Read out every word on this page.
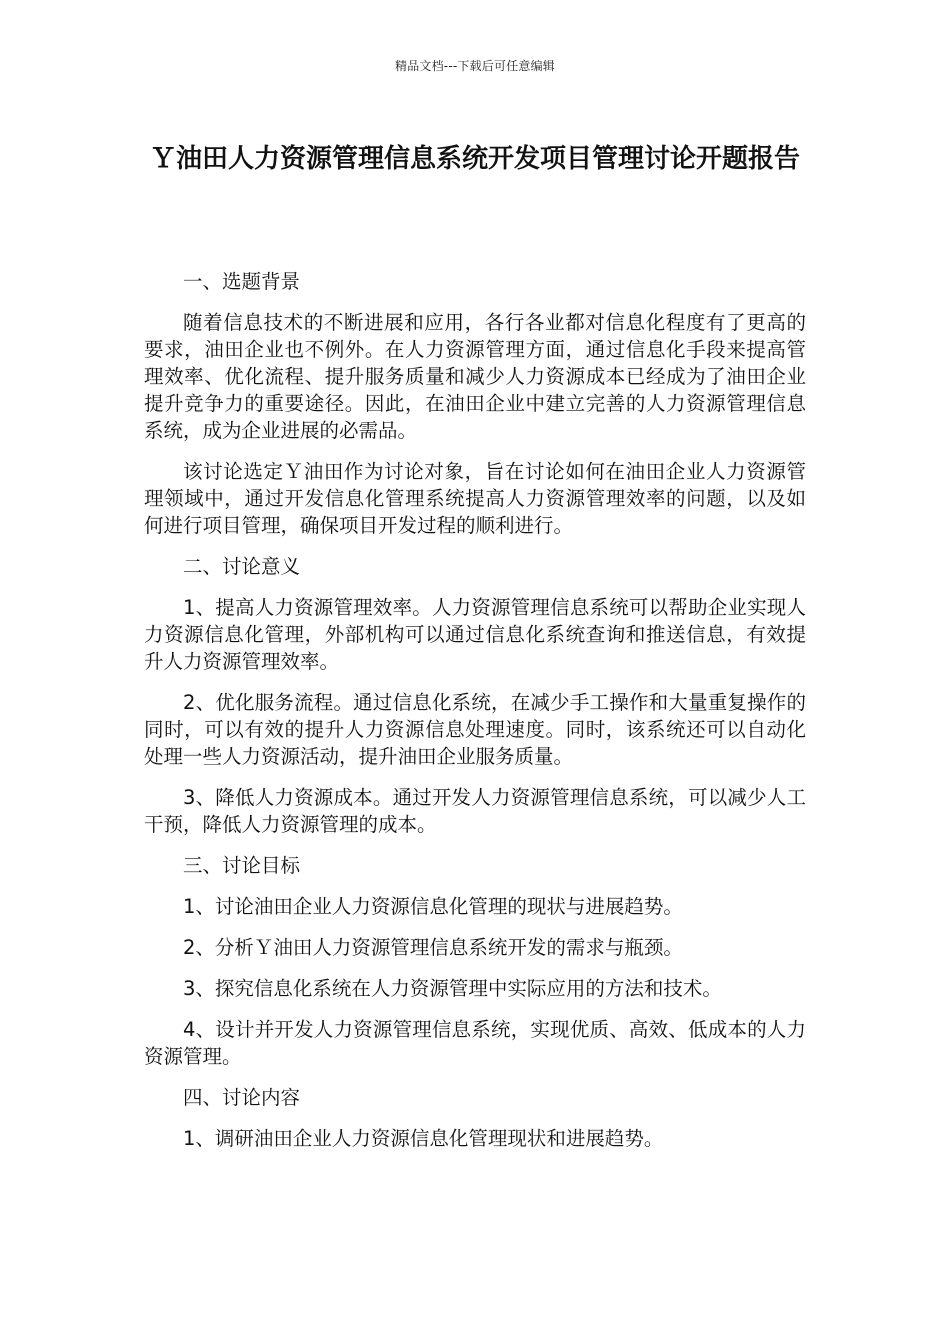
精品文档---下载后可任意编辑
Ｙ油田人力资源管理信息系统开发项目管理讨论开题报告

一、选题背景

随着信息技术的不断进展和应用，各行各业都对信息化程度有了更高的要求，油田企业也不例外。在人力资源管理方面，通过信息化手段来提高管理效率、优化流程、提升服务质量和减少人力资源成本已经成为了油田企业提升竞争力的重要途径。因此，在油田企业中建立完善的人力资源管理信息系统，成为企业进展的必需品。

该讨论选定Ｙ油田作为讨论对象，旨在讨论如何在油田企业人力资源管理领域中，通过开发信息化管理系统提高人力资源管理效率的问题，以及如何进行项目管理，确保项目开发过程的顺利进行。

二、讨论意义

1、提高人力资源管理效率。人力资源管理信息系统可以帮助企业实现人力资源信息化管理，外部机构可以通过信息化系统查询和推送信息，有效提升人力资源管理效率。

2、优化服务流程。通过信息化系统，在减少手工操作和大量重复操作的同时，可以有效的提升人力资源信息处理速度。同时，该系统还可以自动化处理一些人力资源活动，提升油田企业服务质量。

3、降低人力资源成本。通过开发人力资源管理信息系统，可以减少人工干预，降低人力资源管理的成本。

三、讨论目标

1、讨论油田企业人力资源信息化管理的现状与进展趋势。

2、分析Ｙ油田人力资源管理信息系统开发的需求与瓶颈。

3、探究信息化系统在人力资源管理中实际应用的方法和技术。

4、设计并开发人力资源管理信息系统，实现优质、高效、低成本的人力资源管理。

四、讨论内容

1、调研油田企业人力资源信息化管理现状和进展趋势。
